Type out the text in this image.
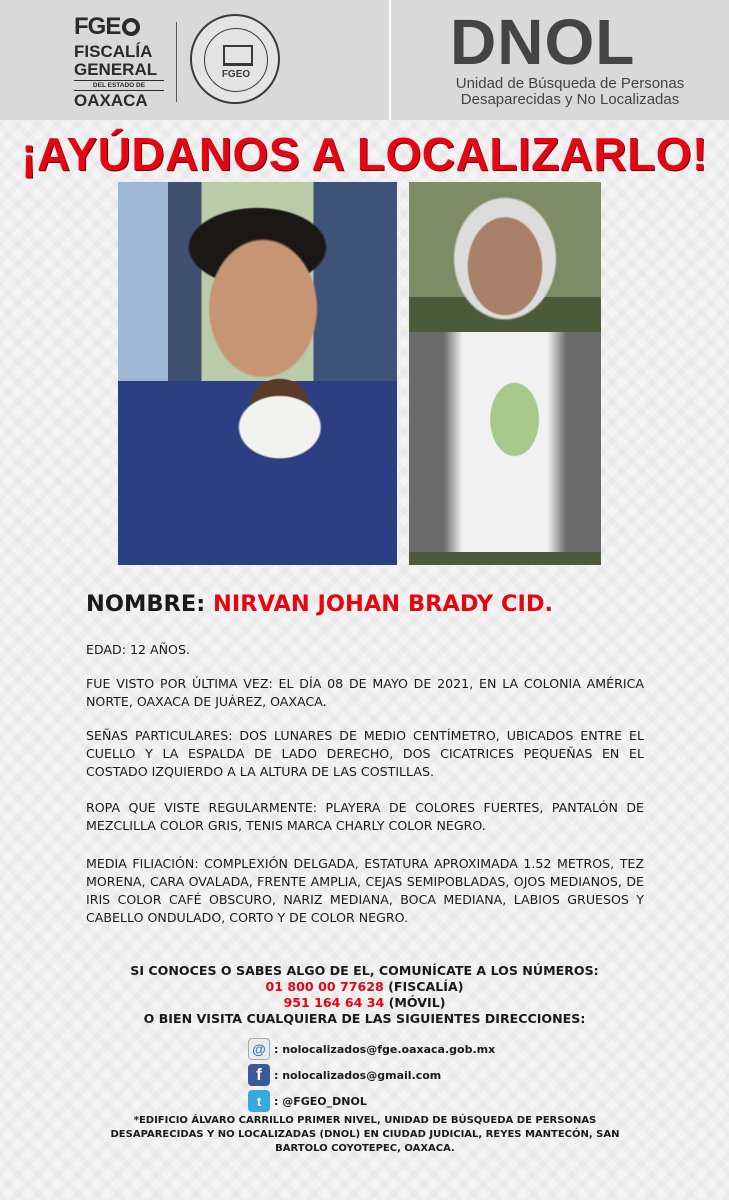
FGE
FISCALÍA
GENERAL
DEL ESTADO DE
OAXACA
FGEO	DNOL
Unidad de Búsqueda de Personas
Desaparecidas y No Localizadas
¡AYÚDANOS A LOCALIZARLO!
NOMBRE: NIRVAN JOHAN BRADY CID.
EDAD: 12 AÑOS.
FUE VISTO POR ÚLTIMA VEZ: EL DÍA 08 DE MAYO DE 2021, EN LA COLONIA AMÉRICA NORTE, OAXACA DE JUÁREZ, OAXACA.
SEÑAS PARTICULARES: DOS LUNARES DE MEDIO CENTÍMETRO, UBICADOS ENTRE EL CUELLO Y LA ESPALDA DE LADO DERECHO, DOS CICATRICES PEQUEÑAS EN EL COSTADO IZQUIERDO A LA ALTURA DE LAS COSTILLAS.
ROPA QUE VISTE REGULARMENTE: PLAYERA DE COLORES FUERTES, PANTALÓN DE MEZCLILLA COLOR GRIS, TENIS MARCA CHARLY COLOR NEGRO.
MEDIA FILIACIÓN: COMPLEXIÓN DELGADA, ESTATURA APROXIMADA 1.52 METROS, TEZ MORENA, CARA OVALADA, FRENTE AMPLIA, CEJAS SEMIPOBLADAS, OJOS MEDIANOS, DE IRIS COLOR CAFÉ OBSCURO, NARIZ MEDIANA, BOCA MEDIANA, LABIOS GRUESOS Y CABELLO ONDULADO, CORTO Y DE COLOR NEGRO.
SI CONOCES O SABES ALGO DE EL, COMUNÍCATE A LOS NÚMEROS:
01 800 00 77628 (FISCALÍA)
951 164 64 34 (MÓVIL)
O BIEN VISITA CUALQUIERA DE LAS SIGUIENTES DIRECCIONES:
@ : nolocalizados@fge.oaxaca.gob.mx
f	: nolocalizados@gmail.com
t	: @FGEO_DNOL
*EDIFICIO ÁLVARO CARRILLO PRIMER NIVEL, UNIDAD DE BÚSQUEDA DE PERSONAS DESAPARECIDAS Y NO LOCALIZADAS (DNOL) EN CIUDAD JUDICIAL, REYES MANTECÓN, SAN BARTOLO COYOTEPEC, OAXACA.
